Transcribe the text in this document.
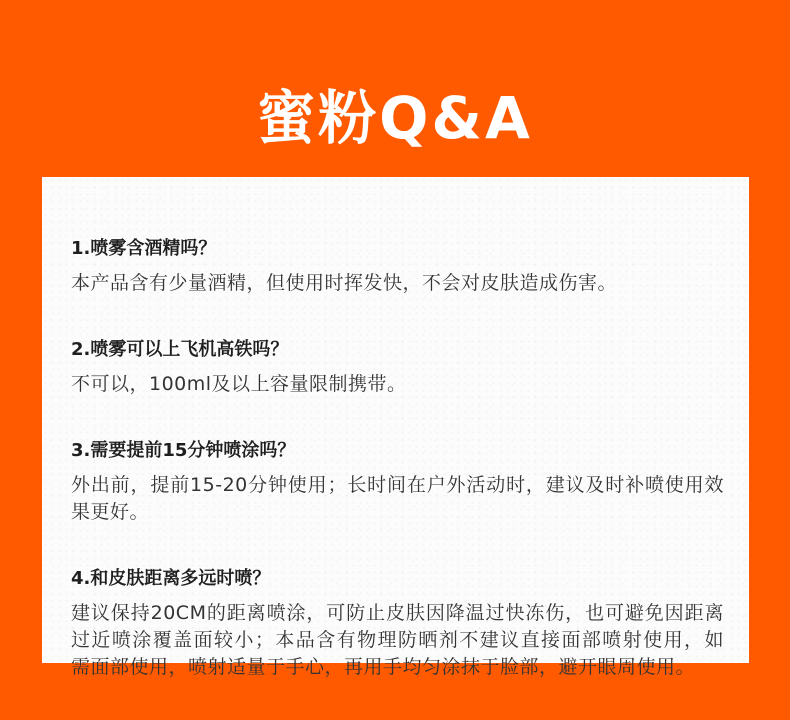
蜜粉Q&A
1.喷雾含酒精吗？
本产品含有少量酒精，但使用时挥发快，不会对皮肤造成伤害。
2.喷雾可以上飞机高铁吗？
不可以，100ml及以上容量限制携带。
3.需要提前15分钟喷涂吗？
外出前，提前15-20分钟使用；长时间在户外活动时，建议及时补喷使用效
果更好。
4.和皮肤距离多远时喷？
建议保持20CM的距离喷涂，可防止皮肤因降温过快冻伤，也可避免因距离
过近喷涂覆盖面较小；本品含有物理防晒剂不建议直接面部喷射使用，如
需面部使用，喷射适量于手心，再用手均匀涂抹于脸部，避开眼周使用。
